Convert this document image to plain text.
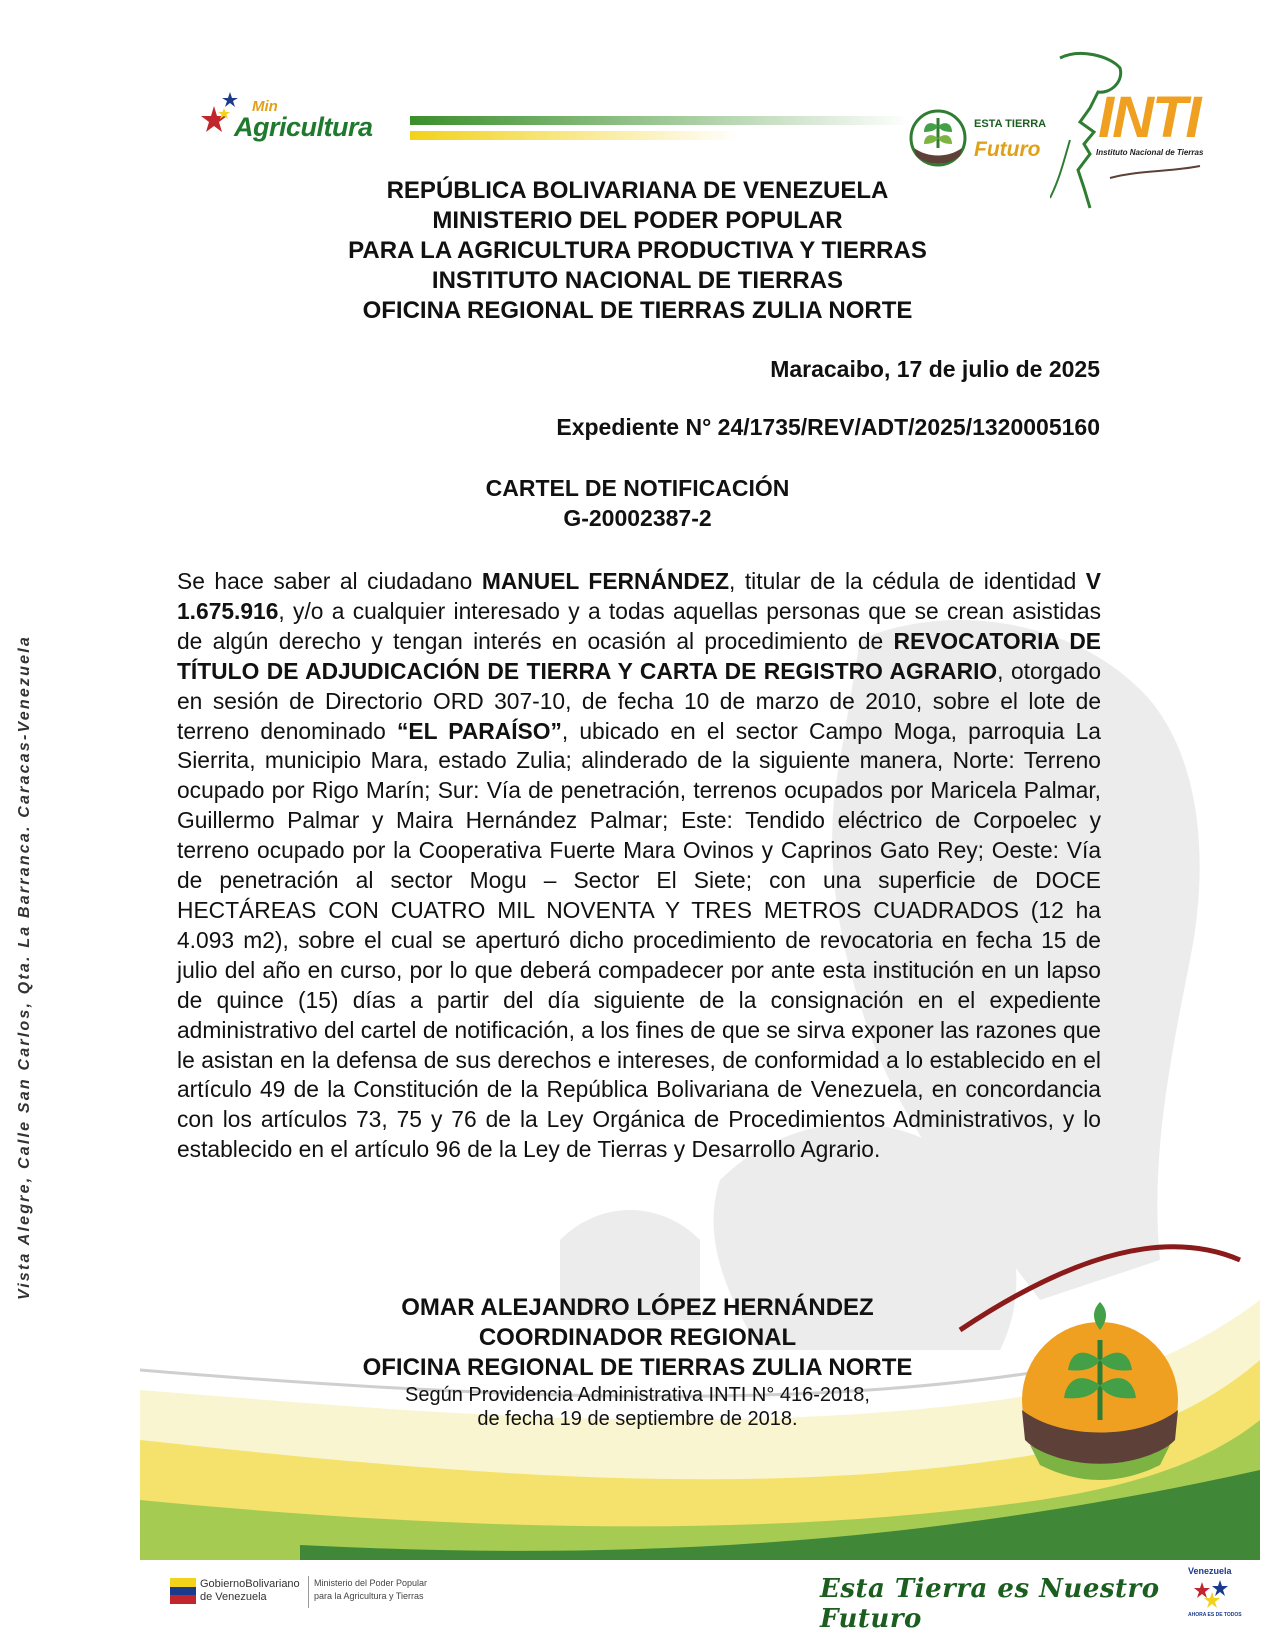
Min
Agricultura	ESTA TIERRA
Futuro INTI
Instituto Nacional de Tierras
Vista Alegre, Calle San Carlos, Qta. La Barranca. Caracas-Venezuela
REPÚBLICA BOLIVARIANA DE VENEZUELA
MINISTERIO DEL PODER POPULAR
PARA LA AGRICULTURA PRODUCTIVA Y TIERRAS
INSTITUTO NACIONAL DE TIERRAS
OFICINA REGIONAL DE TIERRAS ZULIA NORTE
Maracaibo, 17 de julio de 2025
Expediente N° 24/1735/REV/ADT/2025/1320005160
CARTEL DE NOTIFICACIÓN
G-20002387-2
Se hace saber al ciudadano MANUEL FERNÁNDEZ, titular de la cédula de identidad V 1.675.916, y/o a cualquier interesado y a todas aquellas personas que se crean asistidas de algún derecho y tengan interés en ocasión al procedimiento de REVOCATORIA DE TÍTULO DE ADJUDICACIÓN DE TIERRA Y CARTA DE REGISTRO AGRARIO, otorgado en sesión de Directorio ORD 307-10, de fecha 10 de marzo de 2010, sobre el lote de terreno denominado “EL PARAÍSO”, ubicado en el sector Campo Moga, parroquia La Sierrita, municipio Mara, estado Zulia; alinderado de la siguiente manera, Norte: Terreno ocupado por Rigo Marín; Sur: Vía de penetración, terrenos ocupados por Maricela Palmar, Guillermo Palmar y Maira Hernández Palmar; Este: Tendido eléctrico de Corpoelec y terreno ocupado por la Cooperativa Fuerte Mara Ovinos y Caprinos Gato Rey; Oeste: Vía de penetración al sector Mogu – Sector El Siete; con una superficie de DOCE HECTÁREAS CON CUATRO MIL NOVENTA Y TRES METROS CUADRADOS (12 ha 4.093 m2), sobre el cual se aperturó dicho procedimiento de revocatoria en fecha 15 de julio del año en curso, por lo que deberá compadecer por ante esta institución en un lapso de quince (15) días a partir del día siguiente de la consignación en el expediente administrativo del cartel de notificación, a los fines de que se sirva exponer las razones que le asistan en la defensa de sus derechos e intereses, de conformidad a lo establecido en el artículo 49 de la Constitución de la República Bolivariana de Venezuela, en concordancia con los artículos 73, 75 y 76 de la Ley Orgánica de Procedimientos Administrativos, y lo establecido en el artículo 96 de la Ley de Tierras y Desarrollo Agrario.
OMAR ALEJANDRO LÓPEZ HERNÁNDEZ
COORDINADOR REGIONAL
OFICINA REGIONAL DE TIERRAS ZULIA NORTE
Según Providencia Administrativa INTI N° 416-2018,
de fecha 19 de septiembre de 2018.
GobiernoBolivariano
de Venezuela
Ministerio del Poder Popular
para la Agricultura y Tierras	Esta Tierra es Nuestro Futuro
Venezuela
AHORA ES DE TODOS
